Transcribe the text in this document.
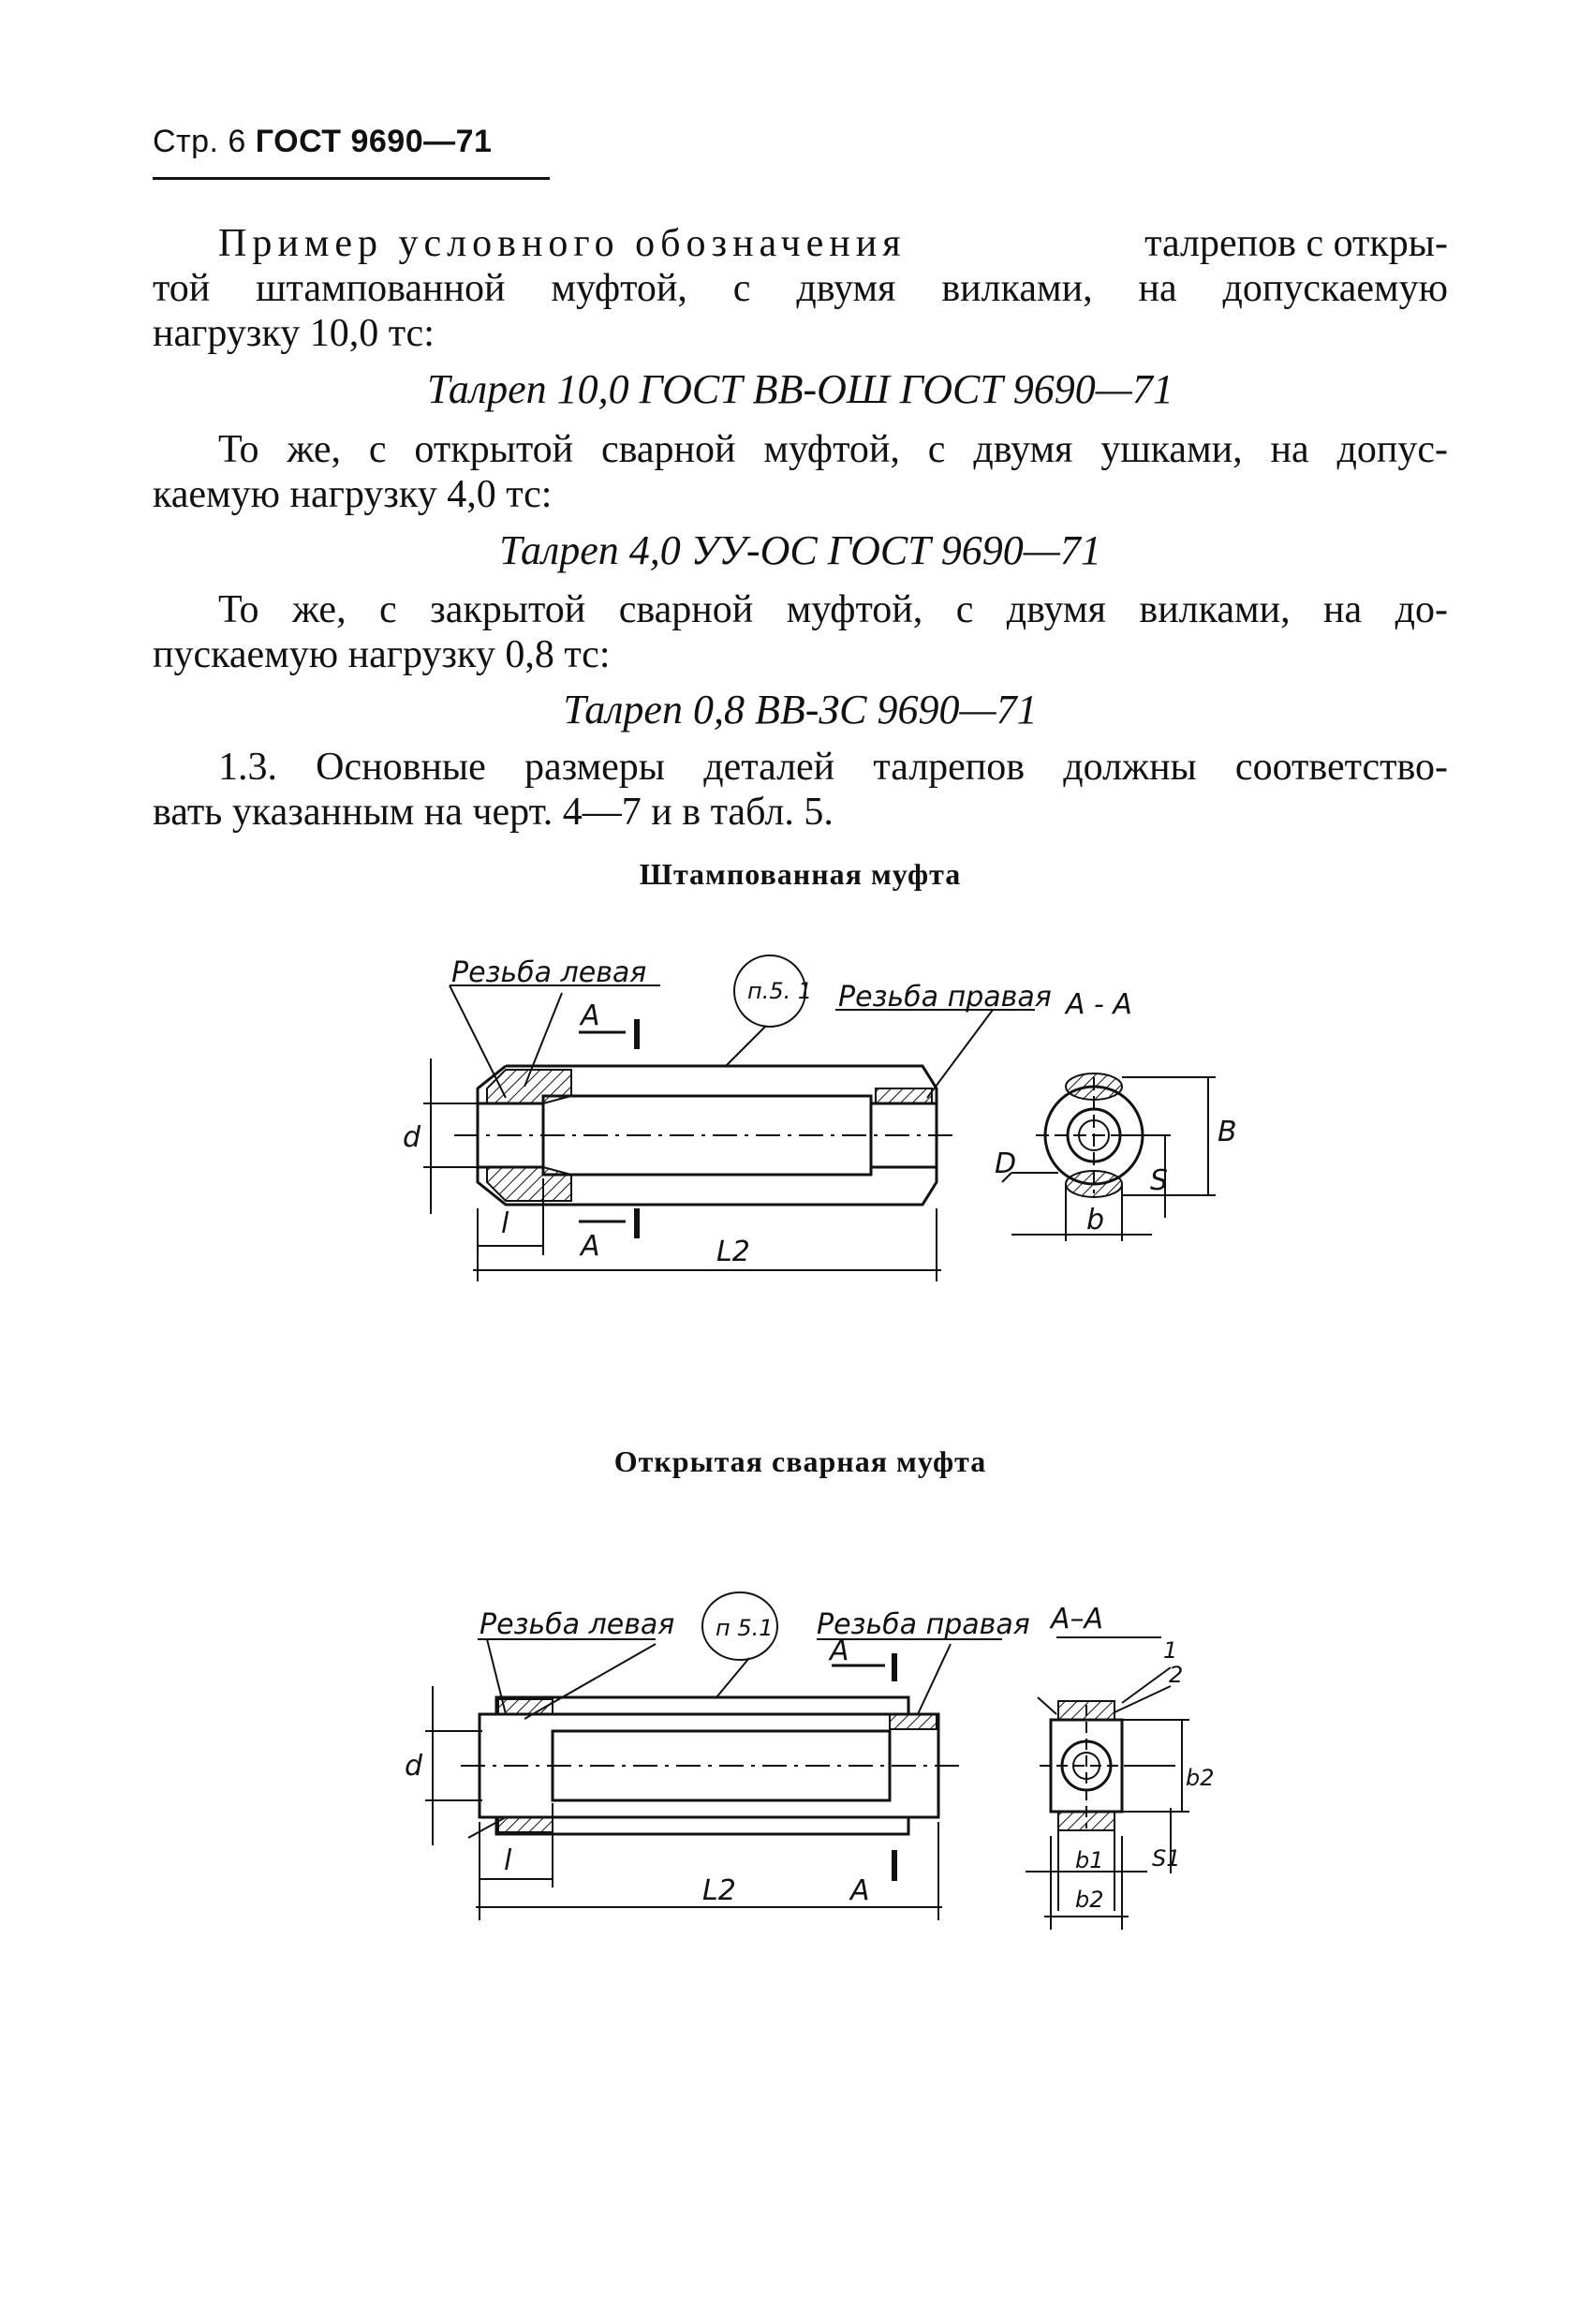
Стр. 6 ГОСТ 9690—71
Пример условного обозначения	талрепов с откры-
той штампованной муфтой, с двумя вилками, на допускаемую
нагрузку 10,0 тс:
Талреп 10,0 ГОСТ ВВ-ОШ ГОСТ 9690—71
То же, с открытой сварной муфтой, с двумя ушками, на допус-
каемую нагрузку 4,0 тс:
Талреп 4,0 УУ-ОС ГОСТ 9690—71
То же, с закрытой сварной муфтой, с двумя вилками, на до-
пускаемую нагрузку 0,8 тс:
Талреп 0,8 ВВ-ЗС 9690—71
1.3. Основные размеры деталей талрепов должны соответство-
вать указанным на черт. 4—7 и в табл. 5.
Штампованная муфта
Резьба левая
Резьба правая
п.5. 1
А
А
А - А
d
l
L2
D
b
S
B
Открытая сварная муфта
Резьба левая	Резьба правая
п 5.1
А
А
А–А
d
l
L2
1
2
b1
b2
b2
S1
